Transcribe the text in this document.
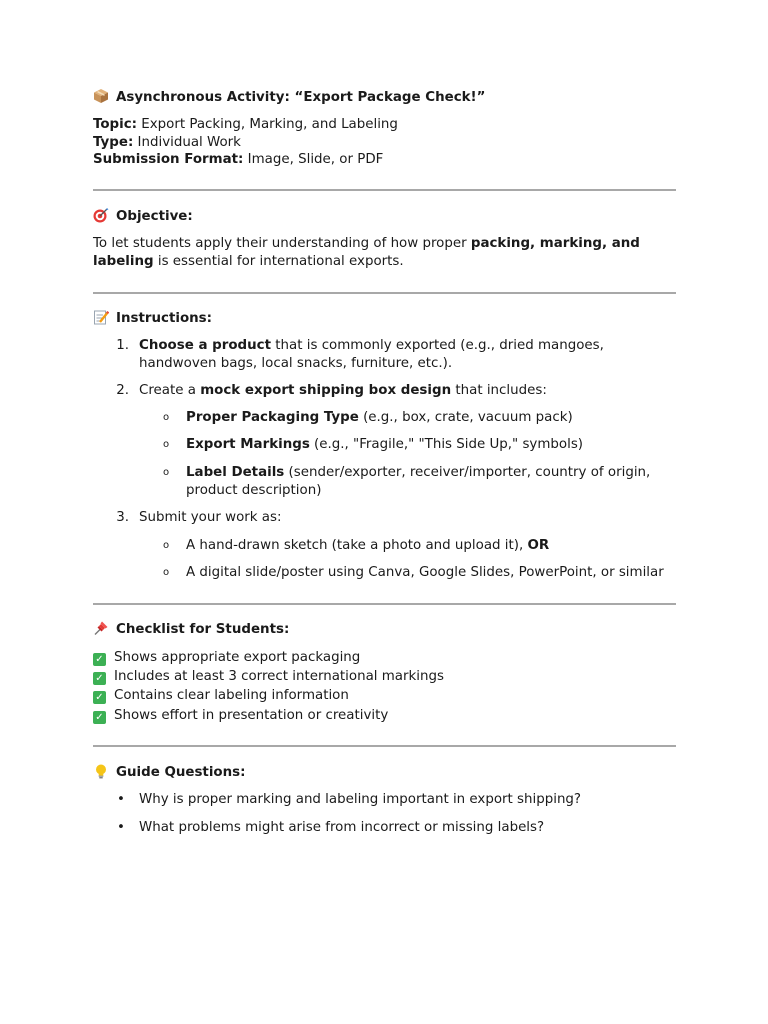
Asynchronous Activity: “Export Package Check!”
Topic: Export Packing, Marking, and Labeling
Type: Individual Work
Submission Format: Image, Slide, or PDF
Objective:
To let students apply their understanding of how proper packing, marking, and
labeling is essential for international exports.
Instructions:
1. Choose a product that is commonly exported (e.g., dried mangoes,
handwoven bags, local snacks, furniture, etc.).
2. Create a mock export shipping box design that includes:
o Proper Packaging Type (e.g., box, crate, vacuum pack)
o Export Markings (e.g., "Fragile," "This Side Up," symbols)
o Label Details (sender/exporter, receiver/importer, country of origin,
product description)
3. Submit your work as:
o A hand-drawn sketch (take a photo and upload it), OR
o A digital slide/poster using Canva, Google Slides, PowerPoint, or similar
Checklist for Students:
✓ Shows appropriate export packaging
✓ Includes at least 3 correct international markings
✓ Contains clear labeling information
✓ Shows effort in presentation or creativity
Guide Questions:
• Why is proper marking and labeling important in export shipping?
• What problems might arise from incorrect or missing labels?
